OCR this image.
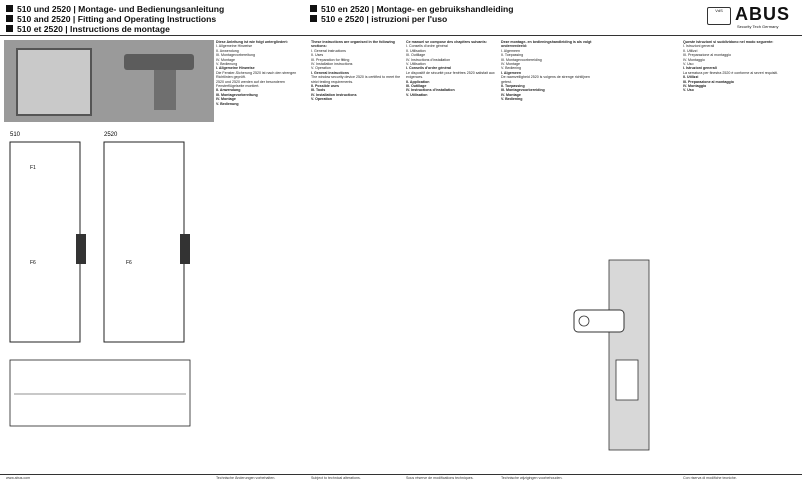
510 und 2520 | Montage- und Bedienungsanleitung
510 and 2520 | Fitting and Operating Instructions
510 et 2520 | Instructions de montage
510 en 2520 | Montage- en gebruikshandleiding
510 e 2520 | istruzioni per l'uso
VdS ABUS
Security Tech Germany
510	2520
F1
F6	F6

Diese Anleitung ist wie folgt untergliedert:

I. Allgemeine Hinweise

II. Anwendung

III. Montagevorbereitung

IV. Montage

V. Bedienung

I. Allgemeine Hinweise

Die Fenster-Sicherung 2520 ist nach den strengen Richtlinien geprüft.

2520 und 2520 werden auf der besonderen Fensterflügelseite montiert.

II. Anwendung

III. Montagevorbereitung

IV. Montage

V. Bedienung

These instructions are organised in the following sections:

I. General instructions

II. Uses

III. Preparation for fitting

IV. Installation instructions

V. Operation

I. General instructions

The window security device 2520 is certified to meet the strict testing requirements.

II. Possible uses

III. Tools

IV. Installation instructions

V. Operation

Ce manuel se compose des chapitres suivants:

I. Conseils d'ordre général

II. Utilisation

III. Outillage

IV. Instructions d'installation

V. Utilisation

I. Conseils d'ordre général

Le dispositif de sécurité pour fenêtres 2520 satisfait aux exigences.

II. Application

III. Outillage

IV. Instructions d'installation

V. Utilisation

Deze montage- en bedieningshandleiding is als volgt onderverdeeld:

I. Algemeen

II. Toepassing

III. Montagevoorbereiding

IV. Montage

V. Bediening

I. Algemeen

De raamveiligheid 2520 is volgens de strenge richtlijnen getest.

II. Toepassing

III. Montagevoorbereiding

IV. Montage

V. Bediening

Queste istruzioni si suddividono nel modo seguente:

I. Istruzioni generali

II. Utilizzi

III. Preparazione al montaggio

IV. Montaggio

V. Uso

I. Istruzioni generali

La serratura per finestra 2520 è conforme ai severi requisiti.

II. Utilizzi

III. Preparazione al montaggio

IV. Montaggio

V. Uso

www.abus.com	Technische Änderungen vorbehalten.	Subject to technical alterations.	Sous réserve de modifications techniques.	Technische wijzigingen voorbehouden.	Con riserva di modifiche tecniche.
